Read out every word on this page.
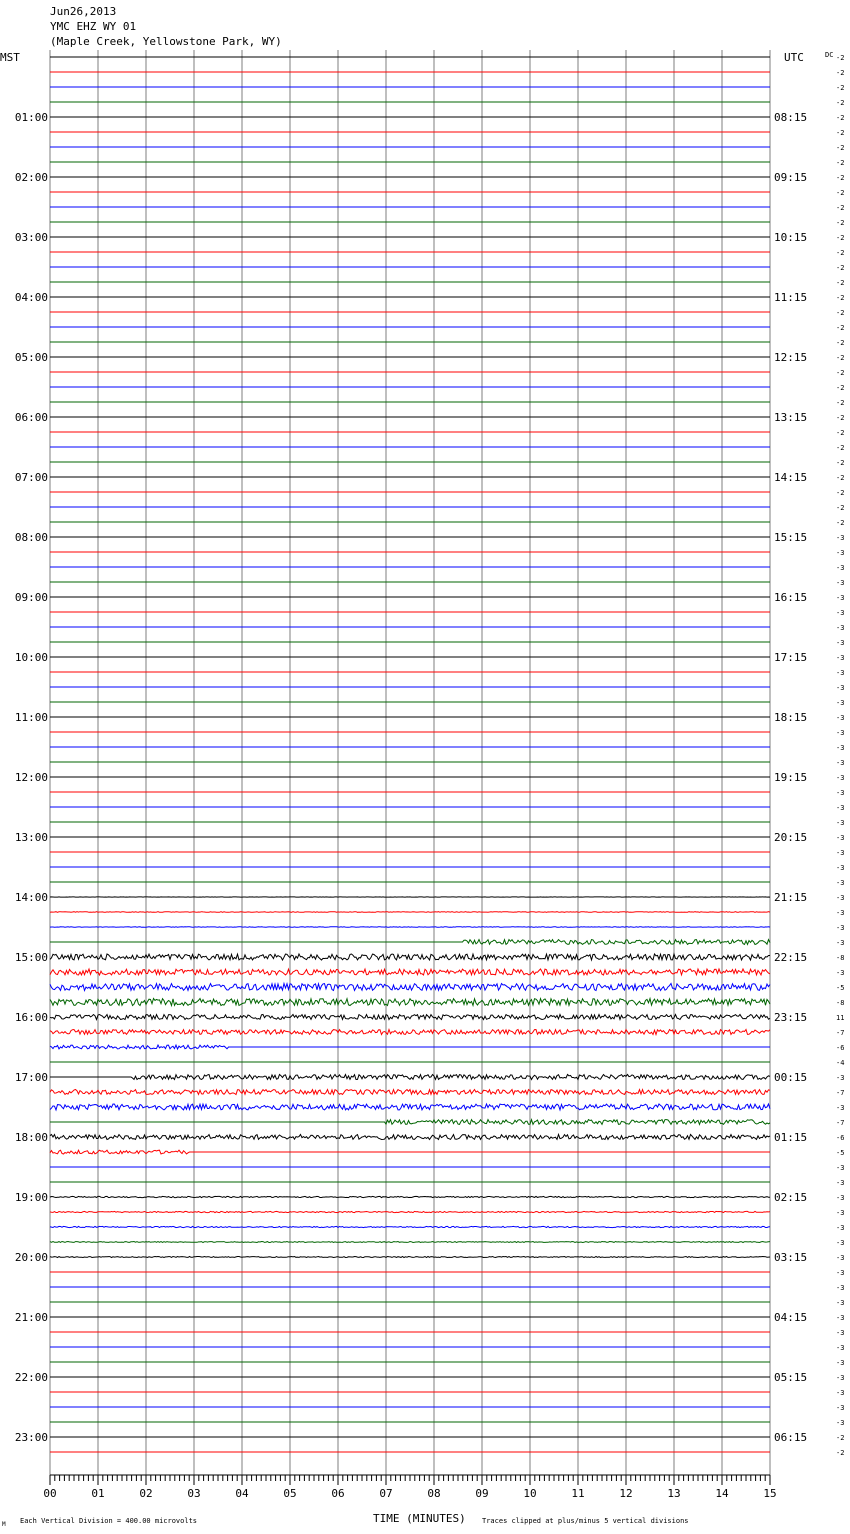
Jun26,2013
YMC EHZ WY 01
(Maple Creek, Yellowstone Park, WY)
00	01	02	03	04	05	06	07	08	09	10	11	12	13	14	15
-2
-2
-2
-2
-2
01:00	08:15
-2
-2
-2
-2
02:00	09:15
-2
-2
-2
-2
03:00	10:15
-2
-2
-2
-2
04:00	11:15
-2
-2
-2
-2
05:00	12:15
-2
-2
-2
-2
06:00	13:15
-2
-2
-2
-2
07:00	14:15
-2
-2
-2
-3
08:00	15:15
-3
-3
-3
-3
09:00	16:15
-3
-3
-3
-3
10:00	17:15
-3
-3
-3
-3
11:00	18:15
-3
-3
-3
-3
12:00	19:15
-3
-3
-3
-3
13:00	20:15
-3
-3
-3
-3
14:00	21:15
-3
-3
-3
-8
15:00	22:15
-3
-5
-8
11
16:00	23:15
-7
-6
-4
-3
17:00	00:15
-7
-3
-7
-6
18:00	01:15
-5
-3
-3
-3
19:00	02:15
-3
-3
-3
-3
20:00	03:15
-3
-3
-3
-3
21:00	04:15
-3
-3
-3
-3
22:00	05:15
-3
-3
-3
-2
23:00	06:15
-2
MST	UTC	DC
TIME (MINUTES)
Each Vertical Division = 400.00 microvolts	Traces clipped at plus/minus 5 vertical divisions
M
